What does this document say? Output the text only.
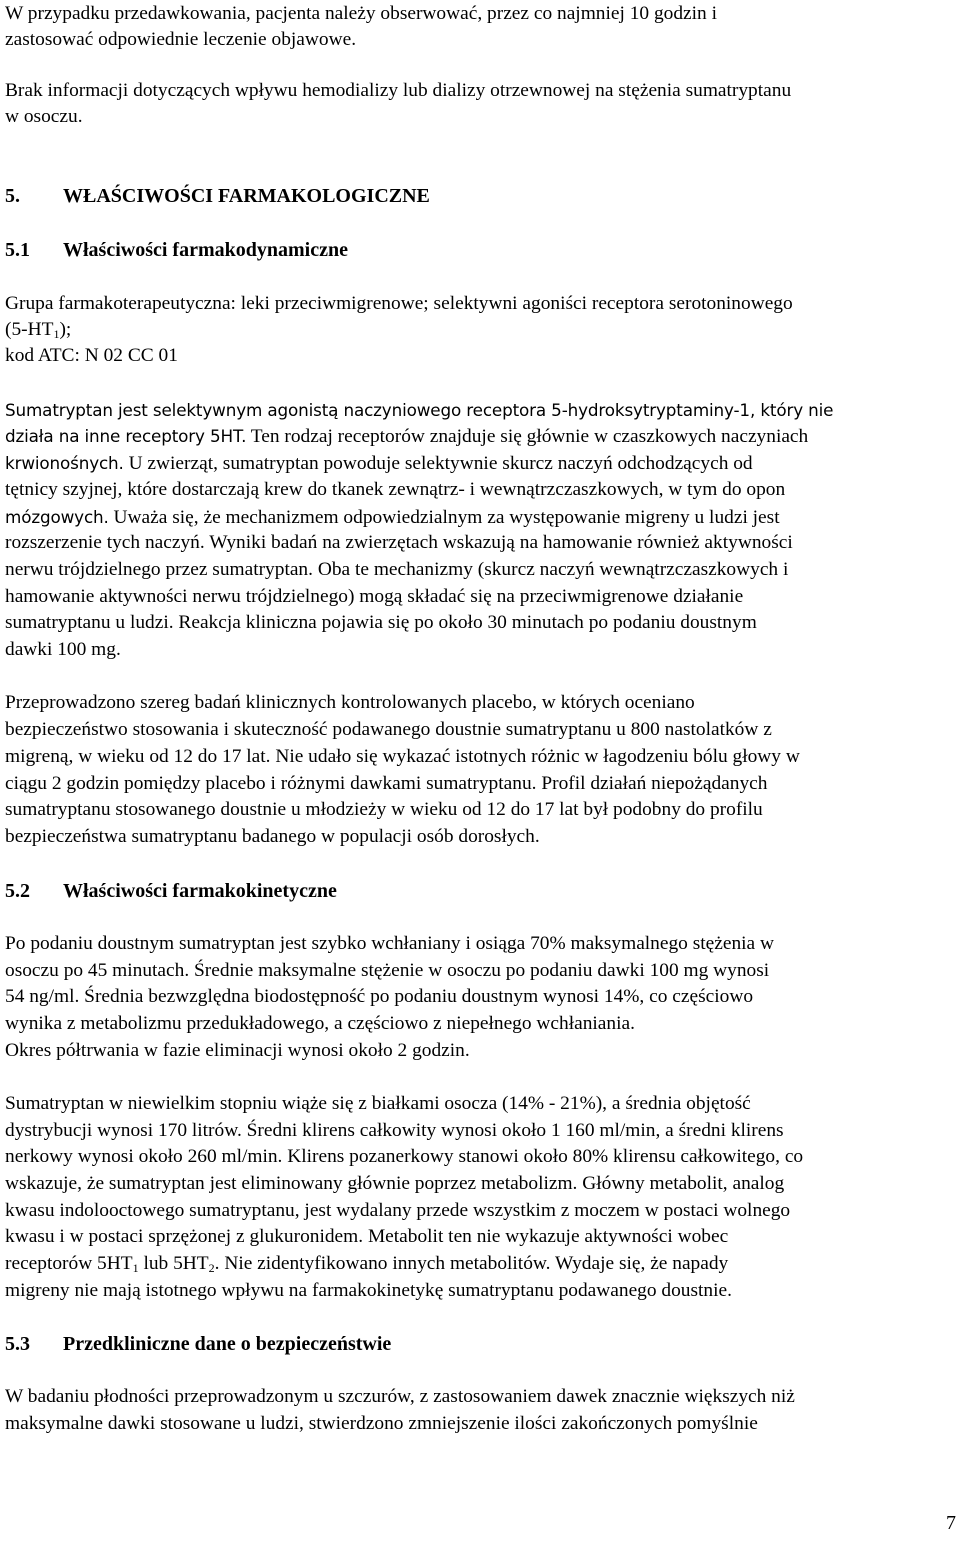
W przypadku przedawkowania, pacjenta należy obserwować, przez co najmniej 10 godzin i
zastosować odpowiednie leczenie objawowe.
Brak informacji dotyczących wpływu hemodializy lub dializy otrzewnowej na stężenia sumatryptanu
w osoczu.
5. WŁAŚCIWOŚCI FARMAKOLOGICZNE
5.1 Właściwości farmakodynamiczne
Grupa farmakoterapeutyczna: leki przeciwmigrenowe; selektywni agoniści receptora serotoninowego
$(5-HT_1)$;
kod ATC: N 02 CC 01
Sumatryptan jest selektywnym agonistą naczyniowego receptora 5-hydroksytryptaminy-1, który nie
działa na inne receptory 5HT. Ten rodzaj receptorów znajduje się głównie w czaszkowych naczyniach
krwionośnych. U zwierząt, sumatryptan powoduje selektywnie skurcz naczyń odchodzących od
tętnicy szyjnej, które dostarczają krew do tkanek zewnątrz- i wewnątrzczaszkowych, w tym do opon
mózgowych. Uważa się, że mechanizmem odpowiedzialnym za występowanie migreny u ludzi jest
rozszerzenie tych naczyń. Wyniki badań na zwierzętach wskazują na hamowanie również aktywności
nerwu trójdzielnego przez sumatryptan. Oba te mechanizmy (skurcz naczyń wewnątrzczaszkowych i
hamowanie aktywności nerwu trójdzielnego) mogą składać się na przeciwmigrenowe działanie
sumatryptanu u ludzi. Reakcja kliniczna pojawia się po około 30 minutach po podaniu doustnym
dawki 100 mg.
Przeprowadzono szereg badań klinicznych kontrolowanych placebo, w których oceniano
bezpieczeństwo stosowania i skuteczność podawanego doustnie sumatryptanu u 800 nastolatków z
migreną, w wieku od 12 do 17 lat. Nie udało się wykazać istotnych różnic w łagodzeniu bólu głowy w
ciągu 2 godzin pomiędzy placebo i różnymi dawkami sumatryptanu. Profil działań niepożądanych
sumatryptanu stosowanego doustnie u młodzieży w wieku od 12 do 17 lat był podobny do profilu
bezpieczeństwa sumatryptanu badanego w populacji osób dorosłych.
5.2 Właściwości farmakokinetyczne
Po podaniu doustnym sumatryptan jest szybko wchłaniany i osiąga 70% maksymalnego stężenia w
osoczu po 45 minutach. Średnie maksymalne stężenie w osoczu po podaniu dawki 100 mg wynosi
54 ng/ml. Średnia bezwzględna biodostępność po podaniu doustnym wynosi 14%, co częściowo
wynika z metabolizmu przedukładowego, a częściowo z niepełnego wchłaniania.
Okres półtrwania w fazie eliminacji wynosi około 2 godzin.
Sumatryptan w niewielkim stopniu wiąże się z białkami osocza (14% - 21%), a średnia objętość
dystrybucji wynosi 170 litrów. Średni klirens całkowity wynosi około 1 160 ml/min, a średni klirens
nerkowy wynosi około 260 ml/min. Klirens pozanerkowy stanowi około 80% klirensu całkowitego, co
wskazuje, że sumatryptan jest eliminowany głównie poprzez metabolizm. Główny metabolit, analog
kwasu indolooctowego sumatryptanu, jest wydalany przede wszystkim z moczem w postaci wolnego
kwasu i w postaci sprzężonej z glukuronidem. Metabolit ten nie wykazuje aktywności wobec
receptorów $5HT_1$ lub $5HT_2$. Nie zidentyfikowano innych metabolitów. Wydaje się, że napady
migreny nie mają istotnego wpływu na farmakokinetykę sumatryptanu podawanego doustnie.
5.3 Przedkliniczne dane o bezpieczeństwie
W badaniu płodności przeprowadzonym u szczurów, z zastosowaniem dawek znacznie większych niż
maksymalne dawki stosowane u ludzi, stwierdzono zmniejszenie ilości zakończonych pomyślnie
7
